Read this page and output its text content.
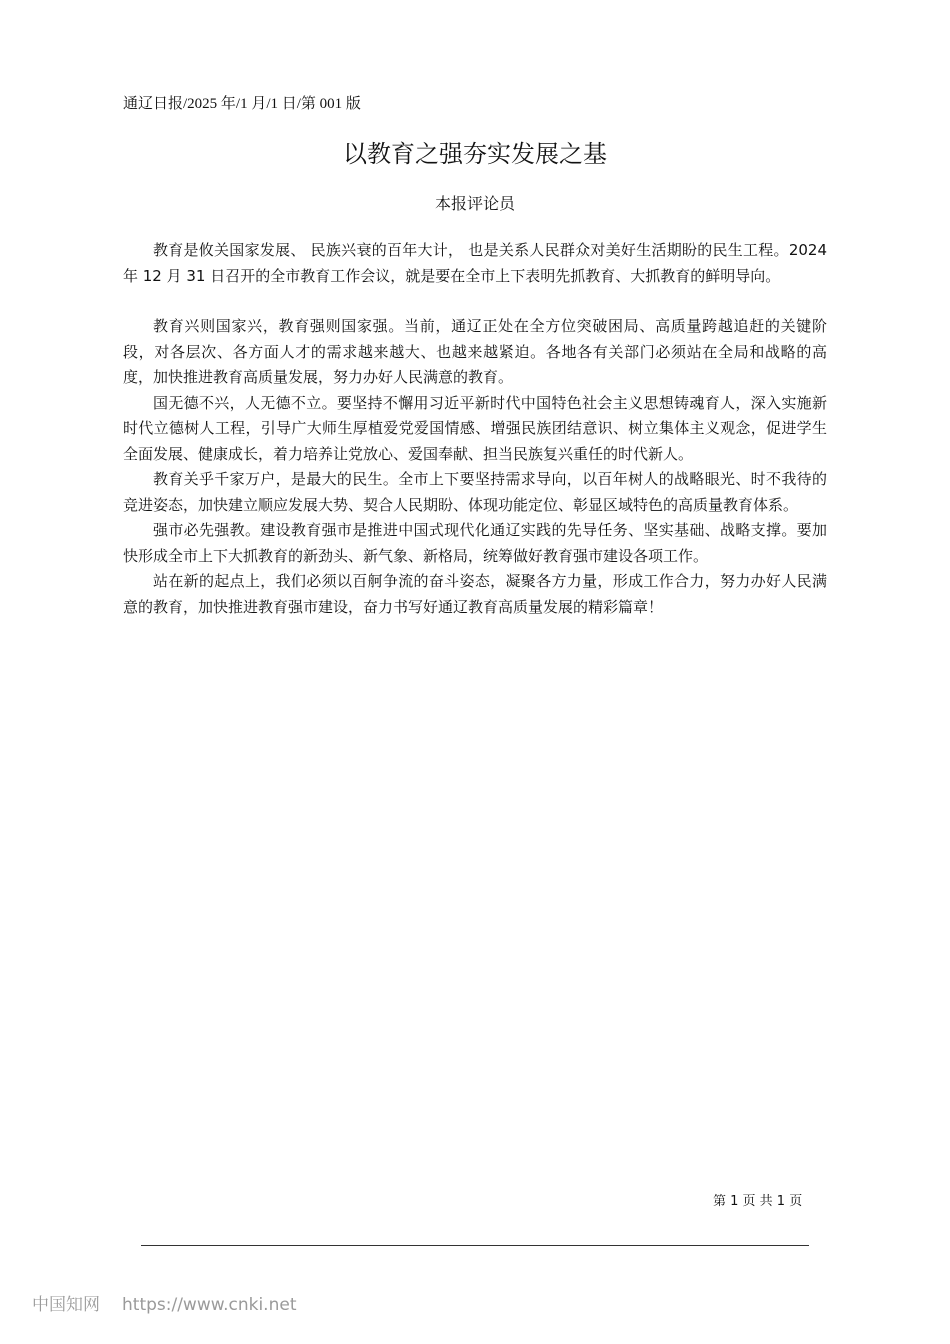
通辽日报/2025 年/1 月/1 日/第 001 版
以教育之强夯实发展之基
本报评论员

教育是攸关国家发展、 民族兴衰的百年大计， 也是关系人民群众对美好生活期盼的民生工程。2024 年 12 月 31 日召开的全市教育工作会议，就是要在全市上下表明先抓教育、大抓教育的鲜明导向。

教育兴则国家兴，教育强则国家强。当前，通辽正处在全方位突破困局、高质量跨越追赶的关键阶段，对各层次、各方面人才的需求越来越大、也越来越紧迫。各地各有关部门必须站在全局和战略的高度，加快推进教育高质量发展，努力办好人民满意的教育。

国无德不兴，人无德不立。要坚持不懈用习近平新时代中国特色社会主义思想铸魂育人，深入实施新时代立德树人工程，引导广大师生厚植爱党爱国情感、增强民族团结意识、树立集体主义观念，促进学生全面发展、健康成长，着力培养让党放心、爱国奉献、担当民族复兴重任的时代新人。

教育关乎千家万户，是最大的民生。全市上下要坚持需求导向，以百年树人的战略眼光、时不我待的竞进姿态，加快建立顺应发展大势、契合人民期盼、体现功能定位、彰显区域特色的高质量教育体系。

强市必先强教。建设教育强市是推进中国式现代化通辽实践的先导任务、坚实基础、战略支撑。要加快形成全市上下大抓教育的新劲头、新气象、新格局，统筹做好教育强市建设各项工作。

站在新的起点上，我们必须以百舸争流的奋斗姿态，凝聚各方力量，形成工作合力，努力办好人民满意的教育，加快推进教育强市建设，奋力书写好通辽教育高质量发展的精彩篇章！

第 1 页 共 1 页
中国知网 https://www.cnki.net
